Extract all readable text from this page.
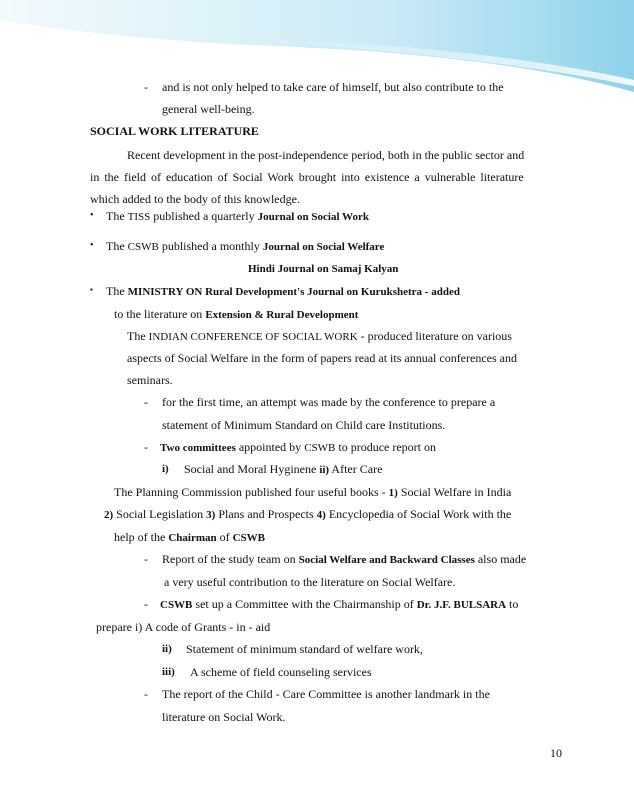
- and is not only helped to take care of himself, but also contribute to the
general well-being.
SOCIAL WORK LITERATURE
Recent development in the post-independence period, both in the public sector and
in the field of education of Social Work brought into existence a vulnerable literature
which added to the body of this knowledge.
• The TISS published a quarterly Journal on Social Work
• The CSWB published a monthly Journal on Social Welfare
Hindi Journal on Samaj Kalyan
▪ The MINISTRY ON Rural Development's Journal on Kurukshetra - added
to the literature on Extension & Rural Development
The INDIAN CONFERENCE OF SOCIAL WORK - produced literature on various
aspects of Social Welfare in the form of papers read at its annual conferences and
seminars.
- for the first time, an attempt was made by the conference to prepare a
statement of Minimum Standard on Child care Institutions.
- Two committees appointed by CSWB to produce report on
i) Social and Moral Hyginene ii) After Care
The Planning Commission published four useful books - 1) Social Welfare in India
2) Social Legislation 3) Plans and Prospects 4) Encyclopedia of Social Work with the
help of the Chairman of CSWB
- Report of the study team on Social Welfare and Backward Classes also made
a very useful contribution to the literature on Social Welfare.
- CSWB set up a Committee with the Chairmanship of Dr. J.F. BULSARA to
prepare i) A code of Grants - in - aid
ii) Statement of minimum standard of welfare work,
iii) A scheme of field counseling services
- The report of the Child - Care Committee is another landmark in the
literature on Social Work.
10
